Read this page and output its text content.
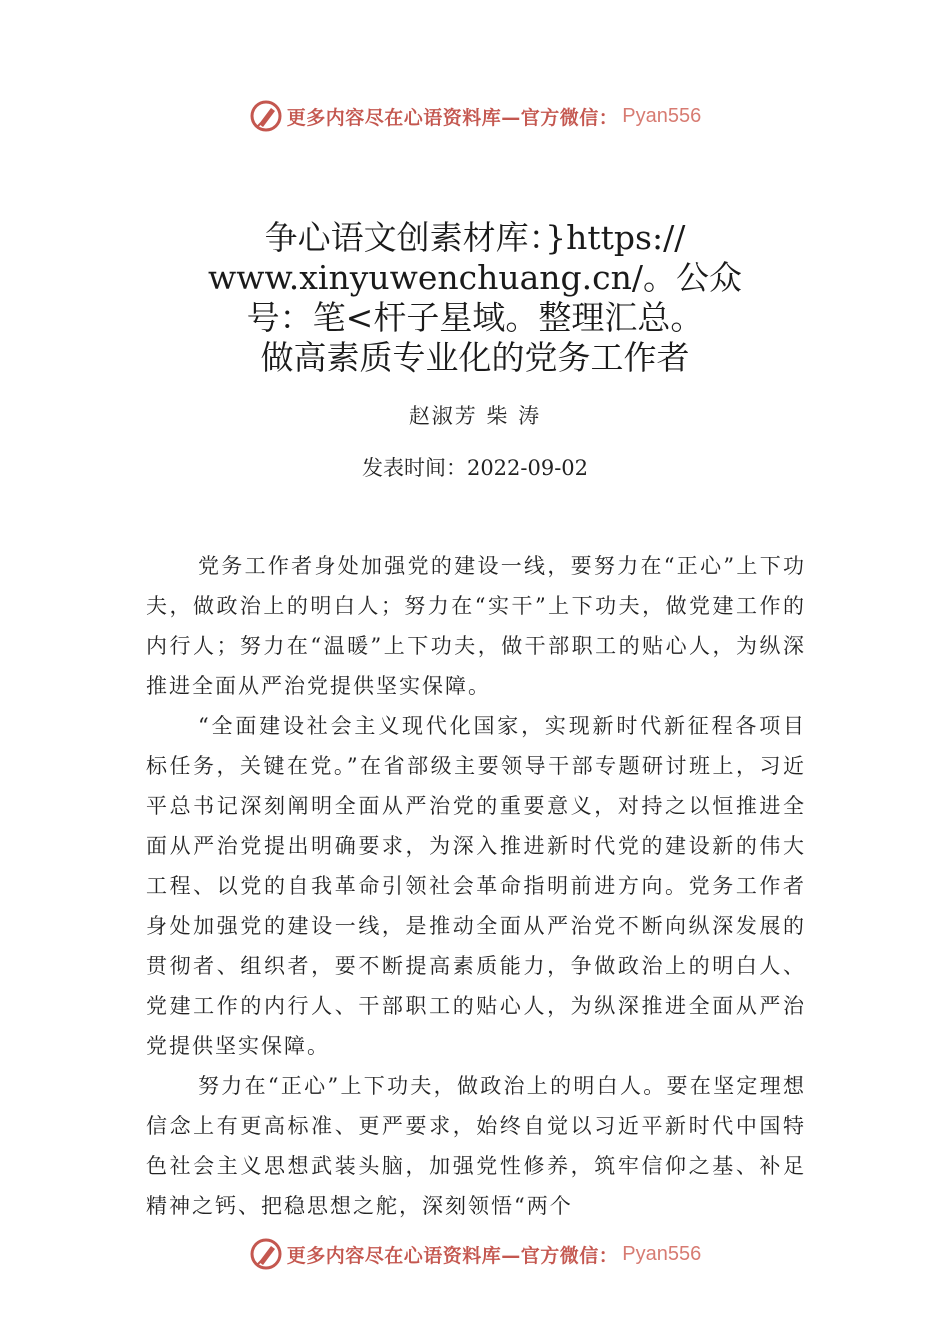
更多内容尽在心语资料库—官方微信： Pyan556
争心语文创素材库：}https://
www.xinyuwenchuang.cn/。公众
号：笔<杆子星域。整理汇总。
做高素质专业化的党务工作者
赵淑芳 柴 涛
发表时间：2022-09-02

党务工作者身处加强党的建设一线，要努力在“正心”上下功夫，做政治上的明白人；努力在“实干”上下功夫，做党建工作的内行人；努力在“温暖”上下功夫，做干部职工的贴心人，为纵深推进全面从严治党提供坚实保障。

“全面建设社会主义现代化国家，实现新时代新征程各项目标任务，关键在党。”在省部级主要领导干部专题研讨班上，习近平总书记深刻阐明全面从严治党的重要意义，对持之以恒推进全面从严治党提出明确要求，为深入推进新时代党的建设新的伟大工程、以党的自我革命引领社会革命指明前进方向。党务工作者身处加强党的建设一线，是推动全面从严治党不断向纵深发展的贯彻者、组织者，要不断提高素质能力，争做政治上的明白人、党建工作的内行人、干部职工的贴心人，为纵深推进全面从严治党提供坚实保障。

努力在“正心”上下功夫，做政治上的明白人。要在坚定理想信念上有更高标准、更严要求，始终自觉以习近平新时代中国特色社会主义思想武装头脑，加强党性修养，筑牢信仰之基、补足精神之钙、把稳思想之舵，深刻领悟“两个

更多内容尽在心语资料库—官方微信： Pyan556
